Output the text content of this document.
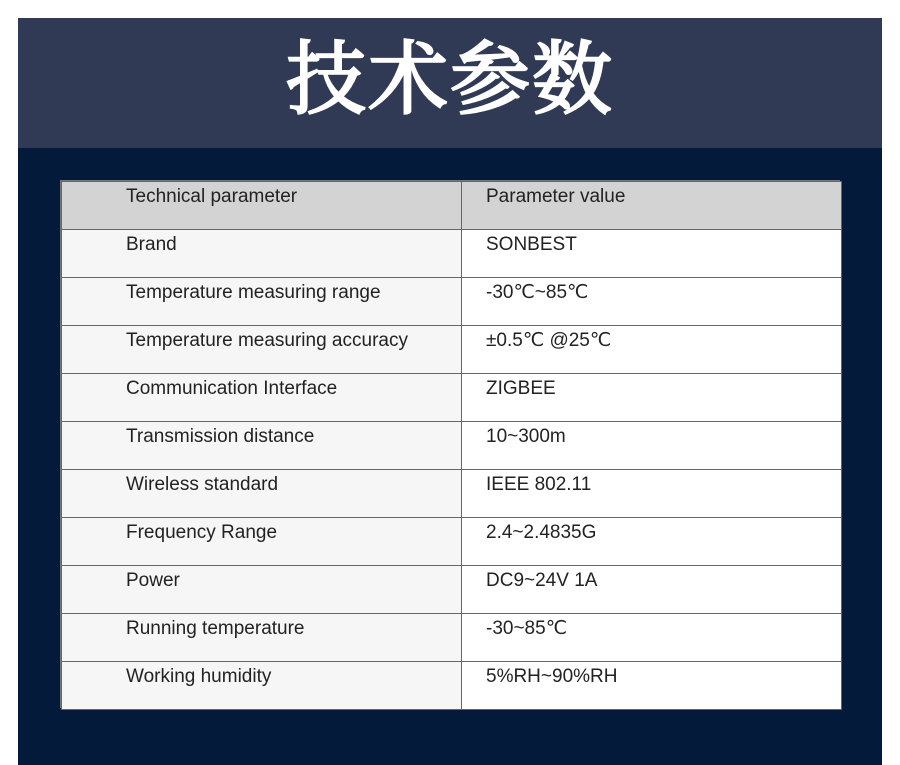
技术参数
Technical parameter	Parameter value
Brand	SONBEST
Temperature measuring range	-30℃~85℃
Temperature measuring accuracy	±0.5℃ @25℃
Communication Interface	ZIGBEE
Transmission distance	10~300m
Wireless standard	IEEE 802.11
Frequency Range	2.4~2.4835G
Power	DC9~24V 1A
Running temperature	-30~85℃
Working humidity	5%RH~90%RH
